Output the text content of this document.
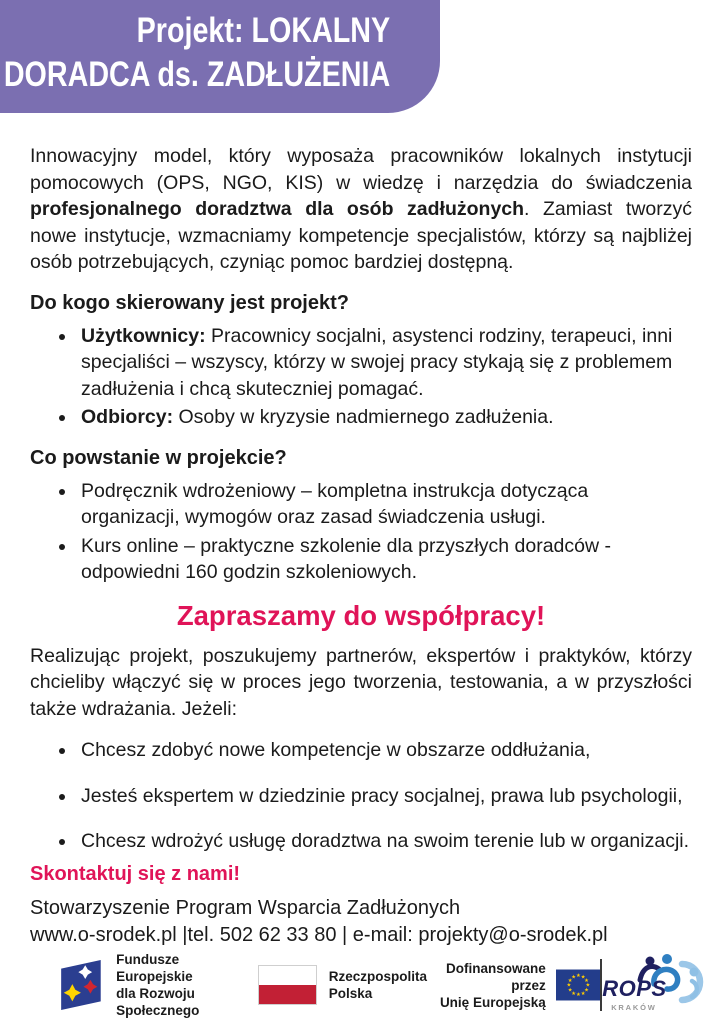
Projekt: LOKALNY
DORADCA ds. ZADŁUŻENIA

Innowacyjny model, który wyposaża pracowników lokalnych instytucji pomocowych (OPS, NGO, KIS) w wiedzę i narzędzia do świadczenia profesjonalnego doradztwa dla osób zadłużonych. Zamiast tworzyć nowe instytucje, wzmacniamy kompetencje specjalistów, którzy są najbliżej osób potrzebujących, czyniąc pomoc bardziej dostępną.

Do kogo skierowany jest projekt?
• Użytkownicy: Pracownicy socjalni, asystenci rodziny, terapeuci, inni specjaliści – wszyscy, którzy w swojej pracy stykają się z problemem zadłużenia i chcą skuteczniej pomagać.
• Odbiorcy: Osoby w kryzysie nadmiernego zadłużenia.
Co powstanie w projekcie?
• Podręcznik wdrożeniowy – kompletna instrukcja dotycząca organizacji, wymogów oraz zasad świadczenia usługi.
• Kurs online – praktyczne szkolenie dla przyszłych doradców - odpowiedni 160 godzin szkoleniowych.
Zapraszamy do współpracy!

Realizując projekt, poszukujemy partnerów, ekspertów i praktyków, którzy chcieliby włączyć się w proces jego tworzenia, testowania, a w przyszłości także wdrażania. Jeżeli:

• Chcesz zdobyć nowe kompetencje w obszarze oddłużania,
• Jesteś ekspertem w dziedzinie pracy socjalnej, prawa lub psychologii,
• Chcesz wdrożyć usługę doradztwa na swoim terenie lub w organizacji.
Skontaktuj się z nami!

Stowarzyszenie Program Wsparcia Zadłużonych

www.o-srodek.pl |tel. 502 62 33 80 | e-mail: projekty@o-srodek.pl

Fundusze Europejskie
dla Rozwoju Społecznego
Rzeczpospolita
Polska
Dofinansowane przez
Unię Europejską
★ ★
★
★
★
★
★
★
★
★
★
★ ROPS
KRAKÓW
